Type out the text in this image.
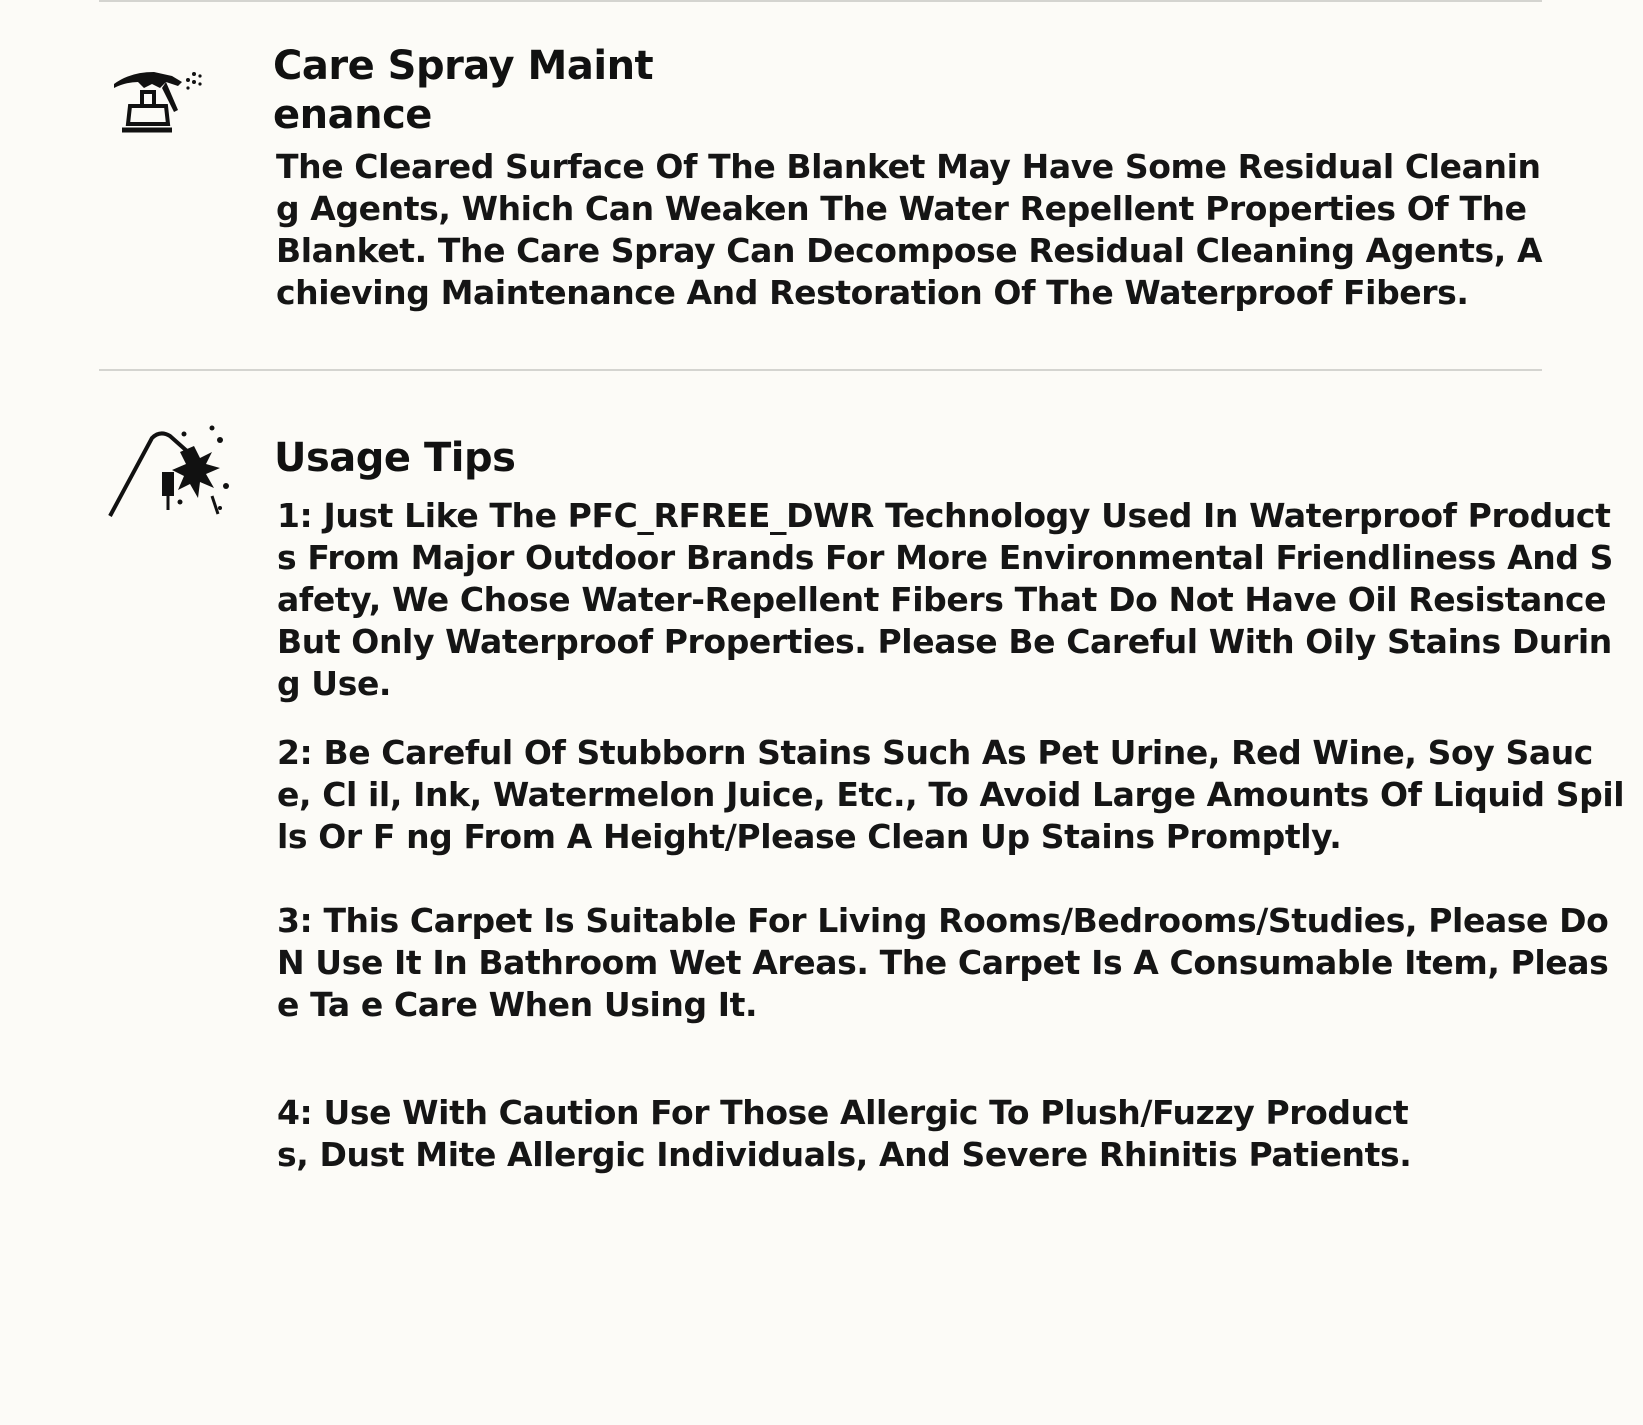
Care Spray Maint enance

The Cleared Surface Of The Blanket May Have Some Residual Cleaning Agents, Which Can Weaken The Water Repellent Properties Of The Blanket. The Care Spray Can Decompose Residual Cleaning Agents, Achieving Maintenance And Restoration Of The Waterproof Fibers.

Usage Tips

1: Just Like The PFC_RFREE_DWR Technology Used In Waterproof Products From Major Outdoor Brands For More Environmental Friendliness And Safety, We Chose Water-Repellent Fibers That Do Not Have Oil Resistance But Only Waterproof Properties. Please Be Careful With Oily Stains During Use.

2: Be Careful Of Stubborn Stains Such As Pet Urine, Red Wine, Soy Sauce, Cl il, Ink, Watermelon Juice, Etc., To Avoid Large Amounts Of Liquid Spills Or F ng From A Height/Please Clean Up Stains Promptly.

3: This Carpet Is Suitable For Living Rooms/Bedrooms/Studies, Please Do N Use It In Bathroom Wet Areas. The Carpet Is A Consumable Item, Please Ta e Care When Using It.

4: Use With Caution For Those Allergic To Plush/Fuzzy Products, Dust Mite Allergic Individuals, And Severe Rhinitis Patients.
